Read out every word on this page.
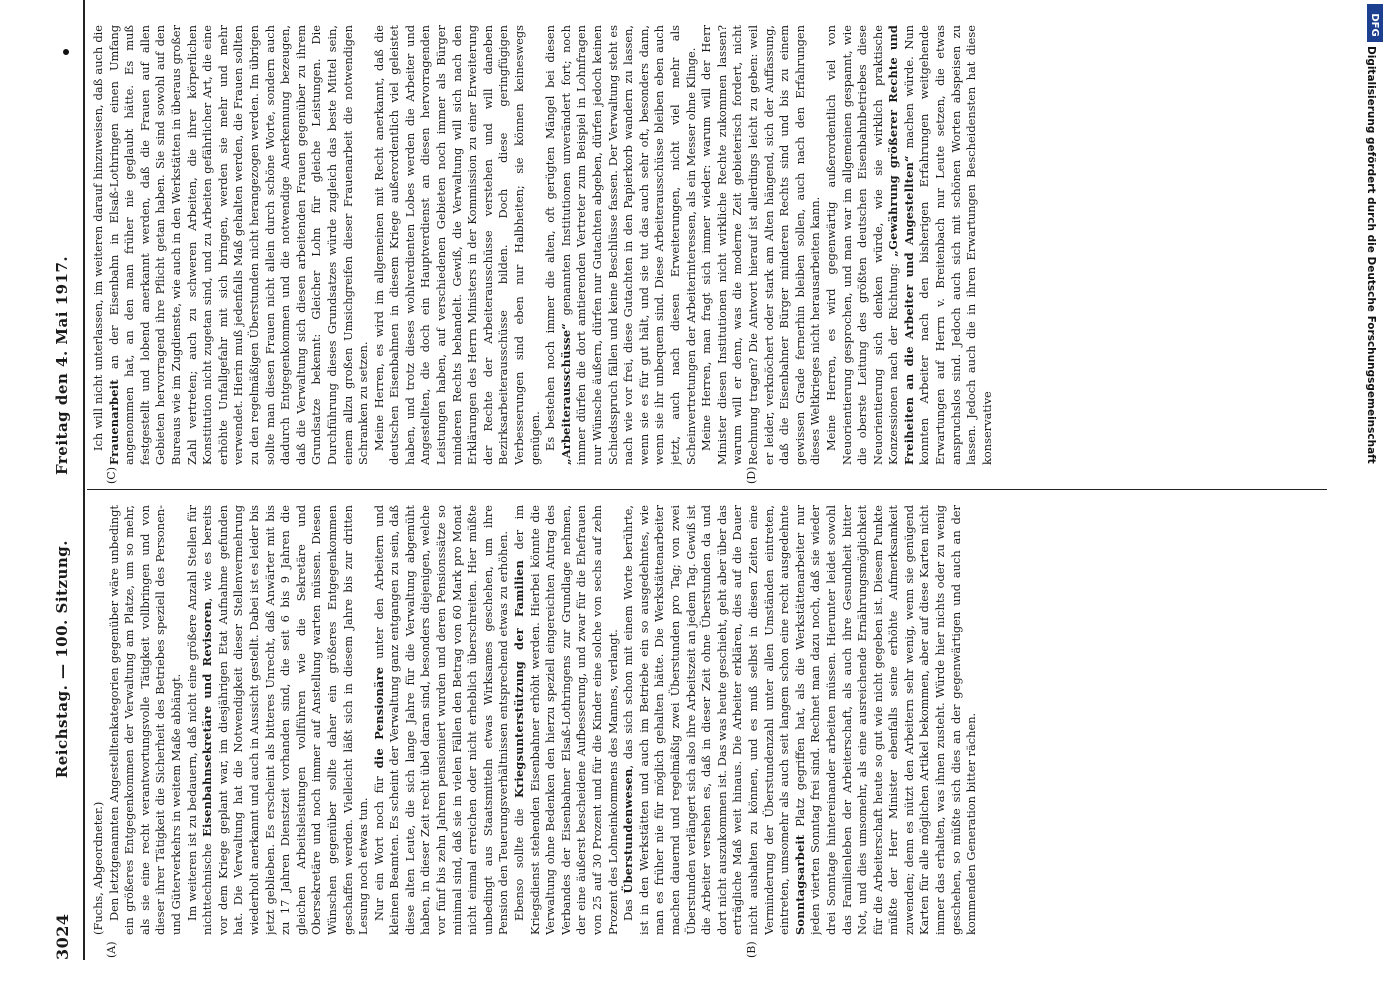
3024
Reichstag. — 100. Sitzung.
Freitag den 4. Mai 1917.
(A)	(B)
(C)	(D)

(Fuchs, Abgeordneter.) Den letztgenannten Angestelltenkategorien gegenüber wäre unbedingt ein größeres Entgegenkommen der Verwaltung am Platze, um so mehr, als sie eine recht verantwortungsvolle Tätigkeit vollbringen und von dieser ihrer Tätigkeit die Sicherheit des Betriebes speziell des Personen- und Güterverkehrs in weitem Maße abhängt. Im weiteren ist zu bedauern, daß nicht eine größere Anzahl Stellen für nichttechnische Eisenbahnsekretäre und Revisoren, wie es bereits vor dem Kriege geplant war, im diesjährigen Etat Aufnahme gefunden hat. Die Verwaltung hat die Notwendigkeit dieser Stellenvermehrung wiederholt anerkannt und auch in Aussicht gestellt. Dabei ist es leider bis jetzt geblieben. Es erscheint als bitteres Unrecht, daß Anwärter mit bis zu 17 Jahren Dienstzeit vorhanden sind, die seit 6 bis 9 Jahren die gleichen Arbeitsleistungen vollführen wie die Sekretäre und Obersekretäre und noch immer auf Anstellung warten müssen. Diesen Wünschen gegenüber sollte daher ein größeres Entgegenkommen geschaffen werden. Vielleicht läßt sich in diesem Jahre bis zur dritten Lesung noch etwas tun. Nur ein Wort noch für die Pensionäre unter den Arbeitern und kleinen Beamten. Es scheint der Verwaltung ganz entgangen zu sein, daß diese alten Leute, die sich lange Jahre für die Verwaltung abgemüht haben, in dieser Zeit recht übel daran sind, besonders diejenigen, welche vor fünf bis zehn Jahren pensioniert wurden und deren Pensionssätze so minimal sind, daß sie in vielen Fällen den Betrag von 60 Mark pro Monat nicht einmal erreichen oder nicht erheblich überschreiten. Hier müßte unbedingt aus Staatsmitteln etwas Wirksames geschehen, um ihre Pension den Teuerungsverhältnissen entsprechend etwas zu erhöhen. Ebenso sollte die Kriegsunterstützung der Familien der im Kriegsdienst stehenden Eisenbahner erhöht werden. Hierbei könnte die Verwaltung ohne Bedenken den hierzu speziell eingereichten Antrag des Verbandes der Eisenbahner Elsaß-Lothringens zur Grundlage nehmen, der eine äußerst bescheidene Aufbesserung, und zwar für die Ehefrauen von 25 auf 30 Prozent und für die Kinder eine solche von sechs auf zehn Prozent des Lohneinkommens des Mannes, verlangt. Das Überstundenwesen, das sich schon mit einem Worte berührte, ist in den Werkstätten und auch im Betriebe ein so ausgedehntes, wie man es früher nie für möglich gehalten hätte. Die Werkstättenarbeiter machen dauernd und regelmäßig zwei Überstunden pro Tag; von zwei Überstunden verlängert sich also ihre Arbeitszeit an jedem Tag. Gewiß ist die Arbeiter versehen es, daß in dieser Zeit ohne Überstunden da und dort nicht auszukommen ist. Das was heute geschieht, geht aber über das erträgliche Maß weit hinaus. Die Arbeiter erklären, dies auf die Dauer nicht aushalten zu können, und es muß selbst in diesen Zeiten eine Verminderung der Überstundenzahl unter allen Umständen eintreten, eintreten, umsomehr als auch seit langem schon eine recht ausgedehnte Sonntagsarbeit Platz gegriffen hat, als die Werkstättenarbeiter nur jeden vierten Sonntag frei sind. Rechnet man dazu noch, daß sie wieder drei Sonntage hintereinander arbeiten müssen. Hierunter leidet sowohl das Familienleben der Arbeiterschaft, als auch ihre Gesundheit bitter Not, und dies umsomehr, als eine ausreichende Ernährungsmöglichkeit für die Arbeiterschaft heute so gut wie nicht gegeben ist. Diesem Punkte müßte der Herr Minister ebenfalls seine erhöhte Aufmerksamkeit zuwenden; denn es nützt den Arbeitern sehr wenig, wenn sie genügend Karten für alle möglichen Artikel bekommen, aber auf diese Karten nicht immer das erhalten, was ihnen zusteht. Würde hier nichts oder zu wenig geschehen, so müßte sich dies an der gegenwärtigen und auch an der kommenden Generation bitter rächen.

Ich will nicht unterlassen, im weiteren darauf hinzuweisen, daß auch die Frauenarbeit an der Eisenbahn in Elsaß-Lothringen einen Umfang angenommen hat, an den man früher nie geglaubt hätte. Es muß festgestellt und lobend anerkannt werden, daß die Frauen auf allen Gebieten hervorragend ihre Pflicht getan haben. Sie sind sowohl auf den Bureaus wie im Zugdienste, wie auch in den Werkstätten in überaus großer Zahl vertreten; auch zu schweren Arbeiten, die ihrer körperlichen Konstitution nicht zugetan sind, und zu Arbeiten gefährlicher Art, die eine erhöhte Unfallgefahr mit sich bringen, werden sie mehr und mehr verwendet. Hierin muß jedenfalls Maß gehalten werden, die Frauen sollten zu den regelmäßigen Überstunden nicht herangezogen werden. Im übrigen sollte man diesen Frauen nicht allein durch schöne Worte, sondern auch dadurch Entgegenkommen und die notwendige Anerkennung bezeugen, daß die Verwaltung sich diesen arbeitenden Frauen gegenüber zu ihrem Grundsatze bekennt: Gleicher Lohn für gleiche Leistungen. Die Durchführung dieses Grundsatzes würde zugleich das beste Mittel sein, einem allzu großen Umsichgreifen dieser Frauenarbeit die notwendigen Schranken zu setzen. Meine Herren, es wird im allgemeinen mit Recht anerkannt, daß die deutschen Eisenbahnen in diesem Kriege außerordentlich viel geleistet haben, und trotz dieses wohlverdienten Lobes werden die Arbeiter und Angestellten, die doch ein Hauptverdienst an diesen hervorragenden Leistungen haben, auf verschiedenen Gebieten noch immer als Bürger minderen Rechts behandelt. Gewiß, die Verwaltung will sich nach den Erklärungen des Herrn Ministers in der Kommission zu einer Erweiterung der Rechte der Arbeiterausschüsse verstehen und will daneben Bezirksarbeiterausschüsse bilden. Doch diese geringfügigen Verbesserungen sind eben nur Halbheiten; sie können keineswegs genügen. Es bestehen noch immer die alten, oft gerügten Mängel bei diesen „Arbeiterausschüsse“ genannten Institutionen unverändert fort; noch immer dürfen die dort amtierenden Vertreter zum Beispiel in Lohnfragen nur Wünsche äußern, dürfen nur Gutachten abgeben, dürfen jedoch keinen Schiedsspruch fällen und keine Beschlüsse fassen. Der Verwaltung steht es nach wie vor frei, diese Gutachten in den Papierkorb wandern zu lassen, wenn sie es für gut hält, und sie tut das auch sehr oft, besonders dann, wenn sie ihr unbequem sind. Diese Arbeiterausschüsse bleiben eben auch jetzt, auch nach diesen Erweiterungen, nicht viel mehr als Scheinvertretungen der Arbeiterinteressen, als ein Messer ohne Klinge. Meine Herren, man fragt sich immer wieder: warum will der Herr Minister diesen Institutionen nicht wirkliche Rechte zukommen lassen? warum will er denn, was die moderne Zeit gebieterisch fordert, nicht Rechnung tragen? Die Antwort hierauf ist allerdings leicht zu geben: weil er leider, verknöchert oder stark am Alten hängend, sich der Auffassung, daß die Eisenbahner Bürger minderen Rechts sind und bis zu einem gewissen Grade fernerhin bleiben sollen, auch nach den Erfahrungen dieses Weltkrieges nicht herausarbeiten kann. Meine Herren, es wird gegenwärtig außerordentlich viel von Neuorientierung gesprochen, und man war im allgemeinen gespannt, wie die oberste Leitung des größten deutschen Eisenbahnbetriebes diese Neuorientierung sich denken würde, wie sie wirklich praktische Konzessionen nach der Richtung: „Gewährung größerer Rechte und Freiheiten an die Arbeiter und Angestellten“ machen würde. Nun konnten Arbeiter nach den bisherigen Erfahrungen weitgehende Erwartungen auf Herrn v. Breitenbach nur Leute setzen, die etwas anspruchslos sind. Jedoch auch sich mit schönen Worten abspeisen zu lassen. Jedoch auch die in ihren Erwartungen Bescheidensten hat diese konservative	Digitalisierung gefördert durch die Deutsche Forschungsgemeinschaft
DFG
